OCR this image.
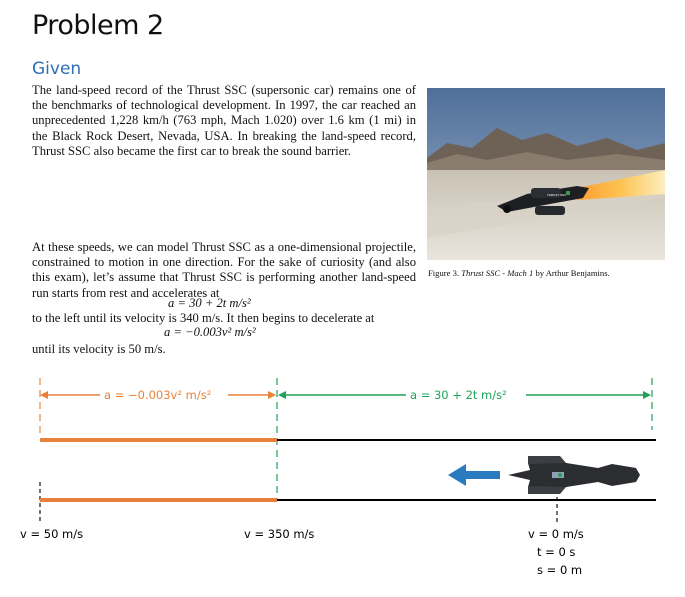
Problem 2
Given

The land-speed record of the Thrust SSC (supersonic car) remains one of the benchmarks of technological development. In 1997, the car reached an unprecedented 1,228 km/h (763 mph, Mach 1.020) over 1.6 km (1 mi) in the Black Rock Desert, Nevada, USA. In breaking the land-speed record, Thrust SSC also became the first car to break the sound barrier.

At these speeds, we can model Thrust SSC as a one-dimensional projectile, constrained to motion in one direction. For the sake of curiosity (and also this exam), let’s assume that Thrust SSC is performing another land-speed run starts from rest and accelerates at

a = 30 + 2t m/s²
to the left until its velocity is 340 m/s. It then begins to decelerate at
a = −0.003v² m/s²
until its velocity is 50 m/s.
THRUST SSC
Figure 3. Thrust SSC - Mach 1 by Arthur Benjamins.
a = −0.003v² m/s²	a = 30 + 2t m/s²
v = 50 m/s	v = 350 m/s	v = 0 m/s
t = 0 s
s = 0 m
